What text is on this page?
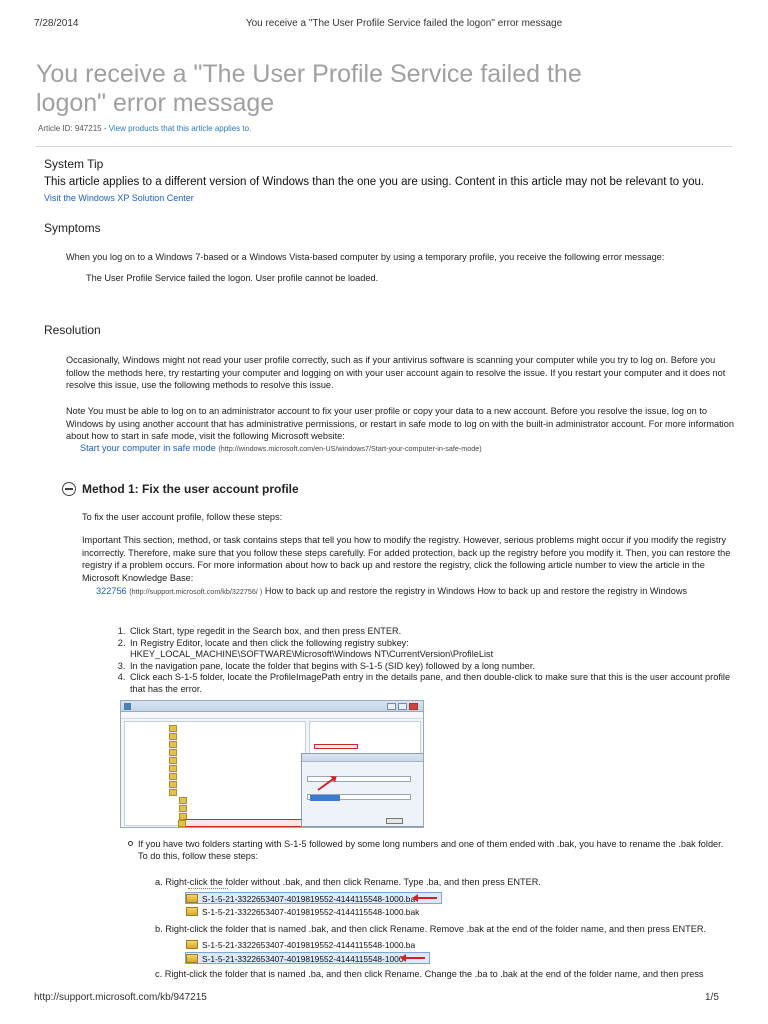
7/28/2014	You receive a "The User Profile Service failed the logon" error message
You receive a "The User Profile Service failed the logon" error message
Article ID: 947215 - View products that this article applies to.
System Tip
This article applies to a different version of Windows than the one you are using. Content in this article may not be relevant to you.
Visit the Windows XP Solution Center
Symptoms
When you log on to a Windows 7-based or a Windows Vista-based computer by using a temporary profile, you receive the following error message:
The User Profile Service failed the logon. User profile cannot be loaded.
Resolution
Occasionally, Windows might not read your user profile correctly, such as if your antivirus software is scanning your computer while you try to log on. Before you follow the methods here, try restarting your computer and logging on with your user account again to resolve the issue. If you restart your computer and it does not resolve this issue, use the following methods to resolve this issue.
Note You must be able to log on to an administrator account to fix your user profile or copy your data to a new account. Before you resolve the issue, log on to Windows by using another account that has administrative permissions, or restart in safe mode to log on with the built-in administrator account. For more information about how to start in safe mode, visit the following Microsoft website:
Start your computer in safe mode (http://windows.microsoft.com/en-US/windows7/Start-your-computer-in-safe-mode)
Method 1: Fix the user account profile
To fix the user account profile, follow these steps:
Important This section, method, or task contains steps that tell you how to modify the registry. However, serious problems might occur if you modify the registry incorrectly. Therefore, make sure that you follow these steps carefully. For added protection, back up the registry before you modify it. Then, you can restore the registry if a problem occurs. For more information about how to back up and restore the registry, click the following article number to view the article in the Microsoft Knowledge Base:
322756 (http://support.microsoft.com/kb/322756/ ) How to back up and restore the registry in Windows How to back up and restore the registry in Windows
1. Click Start, type regedit in the Search box, and then press ENTER.
2. In Registry Editor, locate and then click the following registry subkey:
HKEY_LOCAL_MACHINE\SOFTWARE\Microsoft\Windows NT\CurrentVersion\ProfileList
3. In the navigation pane, locate the folder that begins with S-1-5 (SID key) followed by a long number.
4. Click each S-1-5 folder, locate the ProfileImagePath entry in the details pane, and then double-click to make sure that this is the user account profile that has the error.
If you have two folders starting with S-1-5 followed by some long numbers and one of them ended with .bak, you have to rename the .bak folder. To do this, follow these steps:
a. Right-click the folder without .bak, and then click Rename. Type .ba, and then press ENTER.
S-1-5-21-3322653407-4019819552-4144115548-1000.ba
S-1-5-21-3322653407-4019819552-4144115548-1000.bak
b. Right-click the folder that is named .bak, and then click Rename. Remove .bak at the end of the folder name, and then press ENTER.
S-1-5-21-3322653407-4019819552-4144115548-1000.ba
S-1-5-21-3322653407-4019819552-4144115548-1000
c. Right-click the folder that is named .ba, and then click Rename. Change the .ba to .bak at the end of the folder name, and then press
http://support.microsoft.com/kb/947215	1/5
